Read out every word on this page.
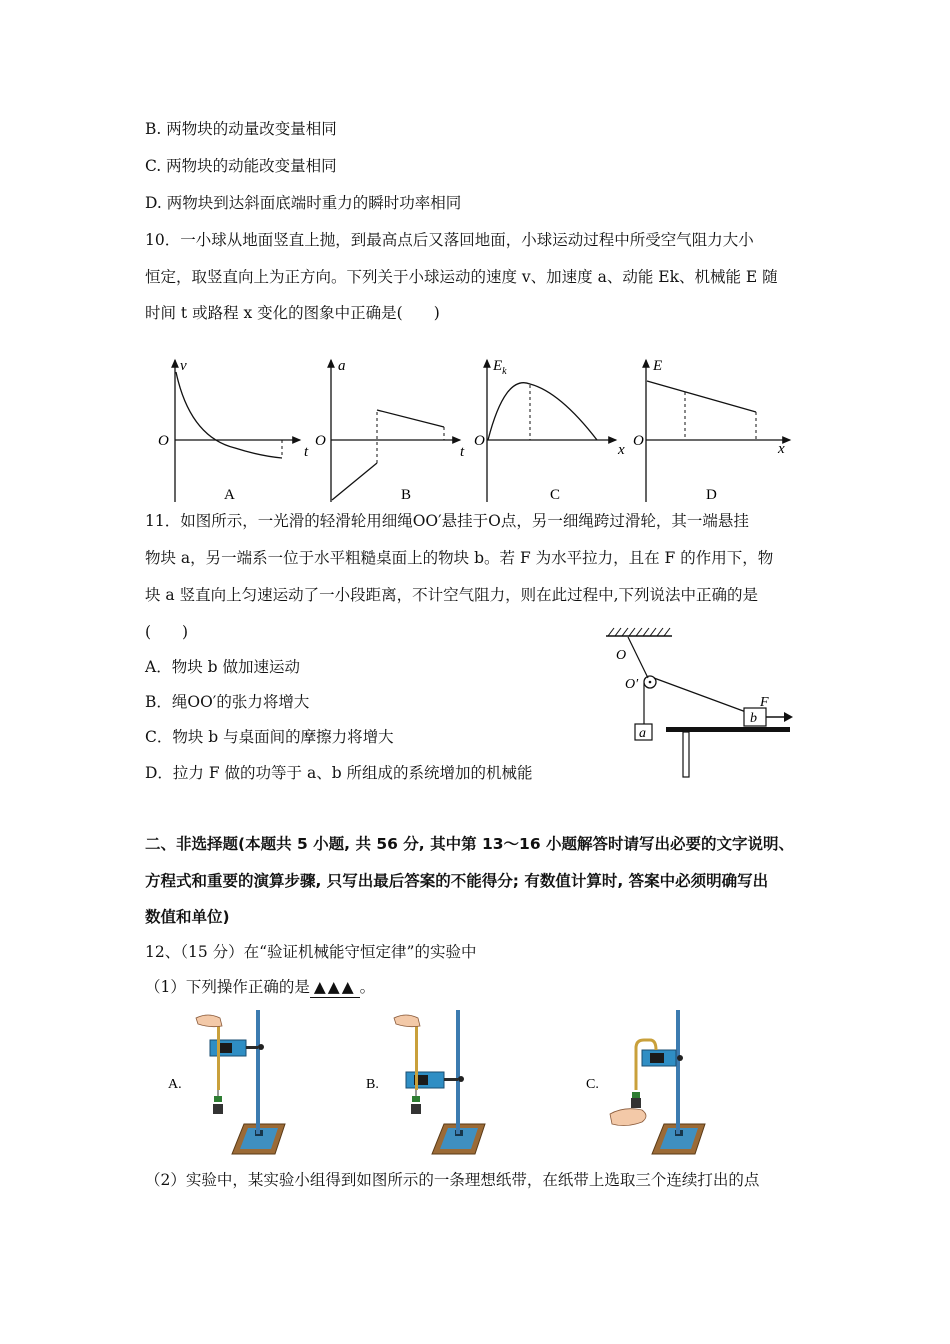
B. 两物块的动量改变量相同
C. 两物块的动能改变量相同
D. 两物块到达斜面底端时重力的瞬时功率相同
10．一小球从地面竖直上抛，到最高点后又落回地面，小球运动过程中所受空气阻力大小
恒定，取竖直向上为正方向。下列关于小球运动的速度 v、加速度 a、动能 Ek、机械能 E 随
时间 t 或路程 x 变化的图象中正确是(　　)
v
O
t
A
a
O
t
B
$E_k$
O
x
C
E
O	x
D
11．如图所示，一光滑的轻滑轮用细绳OO′悬挂于O点，另一细绳跨过滑轮，其一端悬挂
物块 a，另一端系一位于水平粗糙桌面上的物块 b。若 F 为水平拉力，且在 F 的作用下，物
块 a 竖直向上匀速运动了一小段距离，不计空气阻力，则在此过程中,下列说法中正确的是
(　　)
A．物块 b 做加速运动
B．绳OO′的张力将增大
C．物块 b 与桌面间的摩擦力将增大
D．拉力 F 做的功等于 a、b 所组成的系统增加的机械能
a
b
F
O
O′
二、非选择题(本题共 5 小题, 共 56 分, 其中第 13～16 小题解答时请写出必要的文字说明、
方程式和重要的演算步骤, 只写出最后答案的不能得分; 有数值计算时, 答案中必须明确写出
数值和单位)
12、（15 分）在“验证机械能守恒定律”的实验中
（1）下列操作正确的是 ▲▲▲ 。
A.	B.	C.
（2）实验中，某实验小组得到如图所示的一条理想纸带，在纸带上选取三个连续打出的点
